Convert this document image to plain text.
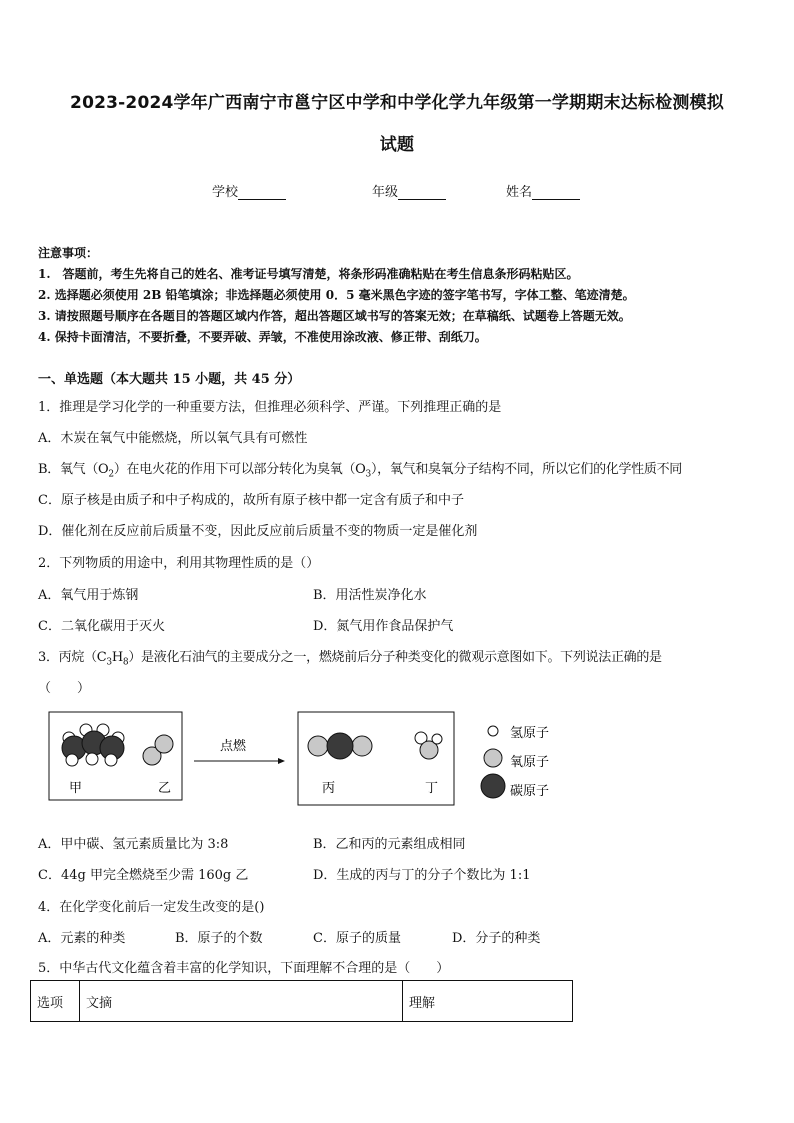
2023-2024学年广西南宁市邕宁区中学和中学化学九年级第一学期期末达标检测模拟
试题
学校	年级	姓名
注意事项：
1.　答题前，考生先将自己的姓名、准考证号填写清楚，将条形码准确粘贴在考生信息条形码粘贴区。
2. 选择题必须使用 2B 铅笔填涂；非选择题必须使用 0．5 毫米黑色字迹的签字笔书写，字体工整、笔迹清楚。
3. 请按照题号顺序在各题目的答题区域内作答，超出答题区域书写的答案无效；在草稿纸、试题卷上答题无效。
4. 保持卡面清洁，不要折叠，不要弄破、弄皱，不准使用涂改液、修正带、刮纸刀。
一、单选题（本大题共 15 小题，共 45 分）
1．推理是学习化学的一种重要方法，但推理必须科学、严谨。下列推理正确的是
A．木炭在氧气中能燃烧，所以氧气具有可燃性
B．氧气$(O_2)$在电火花的作用下可以部分转化为臭氧$(O_3)$，氧气和臭氧分子结构不同，所以它们的化学性质不同
C．原子核是由质子和中子构成的，故所有原子核中都一定含有质子和中子
D．催化剂在反应前后质量不变，因此反应前后质量不变的物质一定是催化剂
2．下列物质的用途中，利用其物理性质的是（）
A．氧气用于炼钢	B．用活性炭净化水
C．二氧化碳用于灭火	D．氮气用作食品保护气
3．丙烷$(C_3H_8)$是液化石油气的主要成分之一，燃烧前后分子种类变化的微观示意图如下。下列说法正确的是
（　　）
甲	乙
点燃
丙	丁
氢原子
氧原子
碳原子
A．甲中碳、氢元素质量比为 3:8	B．乙和丙的元素组成相同
C．44g 甲完全燃烧至少需 160g 乙	D．生成的丙与丁的分子个数比为 1:1
4．在化学变化前后一定发生改变的是()
A．元素的种类	B．原子的个数	C．原子的质量	D．分子的种类
5．中华古代文化蕴含着丰富的化学知识，下面理解不合理的是（　　）
选项	文摘	理解
